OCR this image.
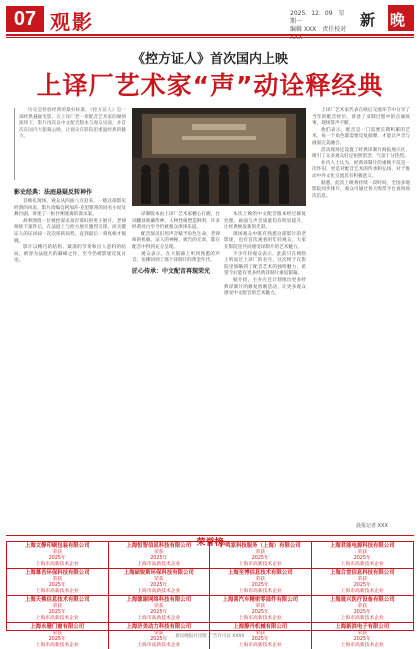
07 观影	2025．12．09　星期一
编辑 XXX　责任校对
新 晚
《控方证人》首次国内上映
上译厂艺术家“声”动诠释经典

历史是检验经典的最好标准。《控方证人》是一部经典悬疑电影，在上译厂老一辈配音艺术家的倾情演绎下，影片再次以中文配音版本与观众见面，并首次在国内大银幕公映，让观众在影院里重温经典的魅力。

影史经典：法庭悬疑反转神作

首映礼现场，观众从四面八方赶来，一睹这部影史经典的风采。影片改编自阿加莎·克里斯蒂的同名小说及舞台剧，讲述了一桩扑朔迷离的谋杀案。

故事围绕一位被控谋杀富有寡妇的男子展开，老律师接下案件后，在法庭上与控方展开激烈交锋，而关键证人的证词却一次次扭转局势，直到最后一刻真相才揭晓。

影片以精巧的结构、紧凑的节奏和出人意料的结局，被誉为法庭片的巅峰之作，至今仍被影迷反复讨论。

译制版本由上译厂艺术家精心打磨，台词翻译准确传神，人物性格塑造鲜明，许多经典对白至今仍被观众津津乐道。

配音演员们用声音赋予角色生命，老律师的机敏、证人的神秘、被告的无辜，都在配音中得到充分呈现。

观众表示，在大银幕上听到熟悉的声音，仿佛回到了那个译制片的黄金年代。

匠心传承：中文配音再现荣光

本次上映的中文配音版本经过修复处理，画面与声音质量均有明显提升，让经典焕发新的光彩。

现场观众中既有熟悉这部影片的老影迷，也有首次观看的年轻观众，大家在影院里共同感受译制片的艺术魅力。

不少年轻观众表示，此前只在网络上听说过上译厂的名号，这次终于在影院里领略到了配音艺术的独特魅力，希望今后能有更多经典译制片重返银幕。

据介绍，主办方还计划推出更多经典译制片的修复放映活动，让更多观众感受中文配音的艺术魅力。

上译厂艺术家代表在映后交流环节中分享了当年的配音经历，讲述了录制过程中的点滴故事，现场掌声不断。

他们表示，配音是一门需要长期积累的艺术，每一个角色都需要反复揣摩，才能让声音与画面完美融合。

活动现场还设置了经典译制片海报展示区，吸引了众多观众驻足拍照留念，气氛十分热烈。

业内人士认为，经典译制片的重映不仅是一次怀旧，更是对配音艺术的传承和弘扬，对于推动中外文化交流具有积极意义。

据悉，此次上映将持续一段时间，全国多地影院同步排片，观众可通过各大购票平台查询场次信息。

晨报记者 XXX
荣誉榜
上海文静印刷包装有限公司
荣获
2025年
上海市高新技术企业
上海恒智信息科技有限公司
荣获
2025年
上海市高新技术企业
沪鸣家科技服务（上海）有限公司
荣获
2025年
上海市高新技术企业
上海君能电源科技有限公司
荣获
2025年
上海市高新技术企业
上海慕吾环保科技有限公司
荣获
2025年
上海市高新技术企业
上海硕锐斯环保科技有限公司
荣获
2025年
上海市高新技术企业
上海至博信息技术有限公司
荣获
2025年
上海市高新技术企业
上海合堂信息科技有限公司
荣获
2025年
上海市高新技术企业
上海天佛信息技术有限公司
荣获
2025年
上海市高新技术企业
上海德谢网络科技有限公司
荣获
2025年
上海市高新技术企业
上海喜汽车精密零部件有限公司
荣获
2025年
上海市高新技术企业
上海晟兴医疗设备有限公司
荣获
2025年
上海市高新技术企业
上海永珊门窗有限公司
荣获
2025年
上海市高新技术企业
上海济美动力科技有限公司
荣获
2025年
上海市高新技术企业
上海静丹机械有限公司
荣获
2025年
上海市高新技术企业
上海新滨电子有限公司
荣获
2025年
上海市高新技术企业
新民晚报社出版 广告许可证 XXXX
